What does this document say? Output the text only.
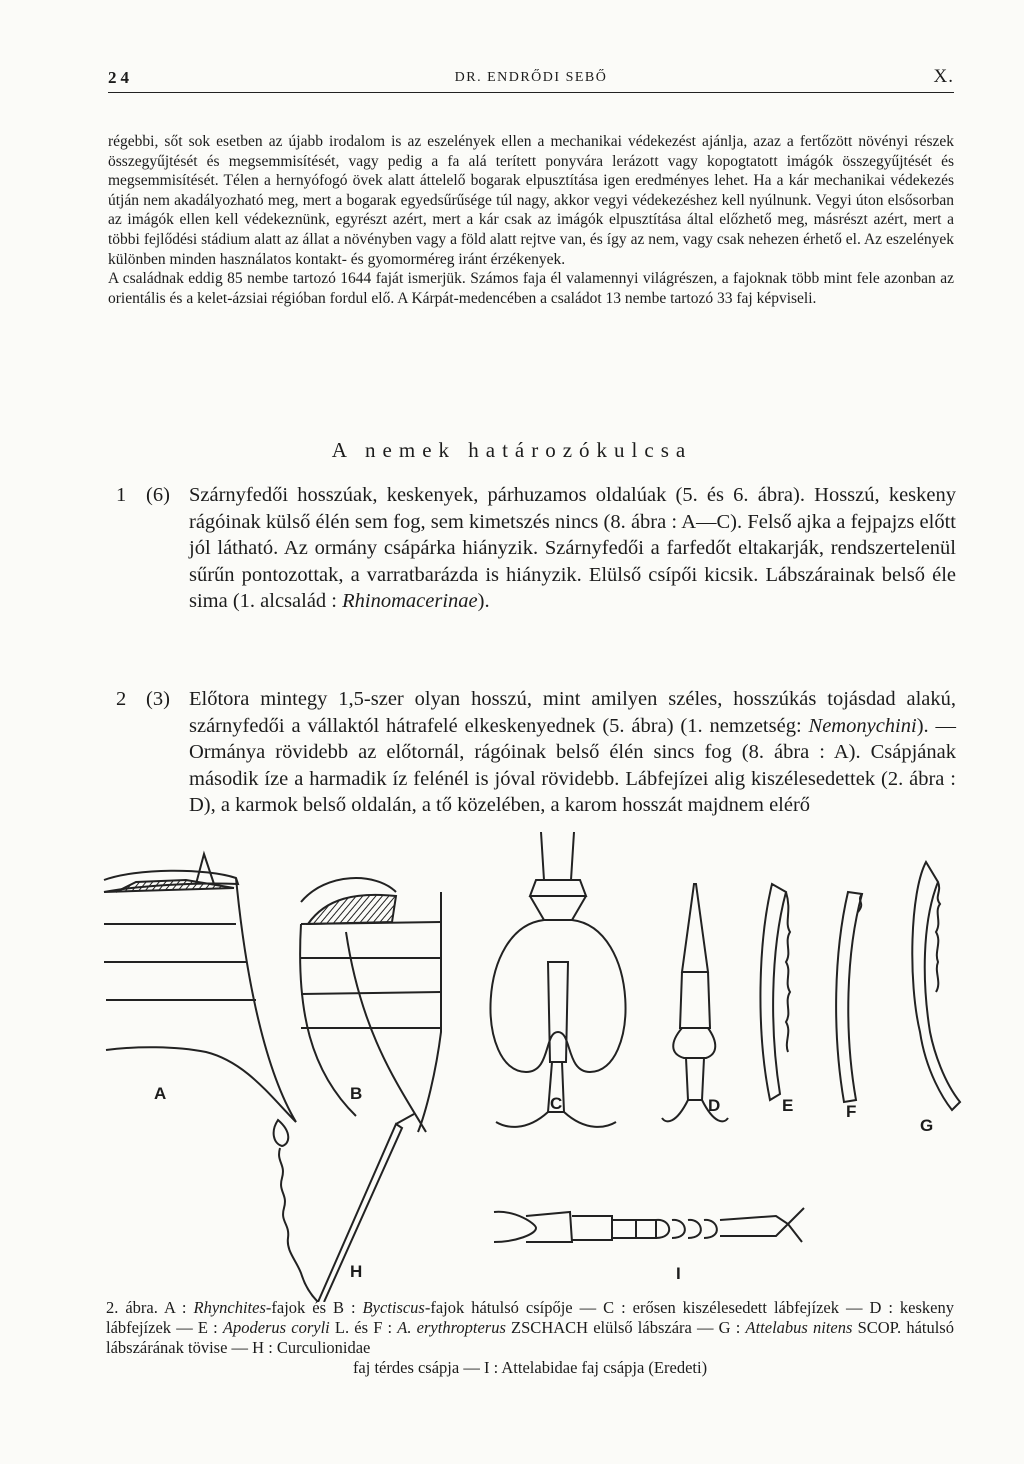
24	DR. ENDRŐDI SEBŐ	X.

régebbi, sőt sok esetben az újabb irodalom is az eszelények ellen a mechanikai védekezést ajánlja, azaz a fertőzött növényi részek összegyűjtését és megsemmisítését, vagy pedig a fa alá terített ponyvára lerázott vagy kopogtatott imágók összegyűjtését és megsemmisítését. Télen a hernyófogó övek alatt áttelelő bogarak elpusztítása igen eredményes lehet. Ha a kár mechanikai védekezés útján nem akadályozható meg, mert a bogarak egyedsűrűsége túl nagy, akkor vegyi védekezéshez kell nyúlnunk. Vegyi úton elsősorban az imágók ellen kell védekeznünk, egyrészt azért, mert a kár csak az imágók elpusztítása által előzhető meg, másrészt azért, mert a többi fejlődési stádium alatt az állat a növényben vagy a föld alatt rejtve van, és így az nem, vagy csak nehezen érhető el. Az eszelények különben minden használatos kontakt- és gyomorméreg iránt érzékenyek.

A családnak eddig 85 nembe tartozó 1644 faját ismerjük. Számos faja él valamennyi világrészen, a fajoknak több mint fele azonban az orientális és a kelet-ázsiai régióban fordul elő. A Kárpát-medencében a családot 13 nembe tartozó 33 faj képviseli.

A nemek határozókulcsa
1 (6) Szárnyfedői hosszúak, keskenyek, párhuzamos oldalúak (5. és 6. ábra). Hosszú, keskeny rágóinak külső élén sem fog, sem kimetszés nincs (8. ábra : A—C). Felső ajka a fejpajzs előtt jól látható. Az ormány csápárka hiányzik. Szárnyfedői a farfedőt eltakarják, rendszertelenül sűrűn pontozottak, a varratbarázda is hiányzik. Elülső csípői kicsik. Lábszárainak belső éle sima (1. alcsalád : Rhinomacerinae).
2 (3) Előtora mintegy 1,5-szer olyan hosszú, mint amilyen széles, hosszúkás tojásdad alakú, szárnyfedői a vállaktól hátrafelé elkeskenyednek (5. ábra) (1. nemzetség: Nemonychini). — Ormánya rövidebb az előtornál, rágóinak belső élén sincs fog (8. ábra : A). Csápjának második íze a harmadik íz felénél is jóval rövidebb. Lábfejízei alig kiszélesedettek (2. ábra : D), a karmok belső oldalán, a tő közelében, a karom hosszát majdnem elérő
A	B
C	D	E	F
G
H	I
2. ábra. A : Rhynchites-fajok és B : Byctiscus-fajok hátulsó csípője — C : erősen kiszélesedett lábfejízek — D : keskeny lábfejízek — E : Apoderus coryli L. és F : A. erythropterus ZSCHACH elülső lábszára — G : Attelabus nitens SCOP. hátulsó lábszárának tövise — H : Curculionidae
faj térdes csápja — I : Attelabidae faj csápja (Eredeti)
